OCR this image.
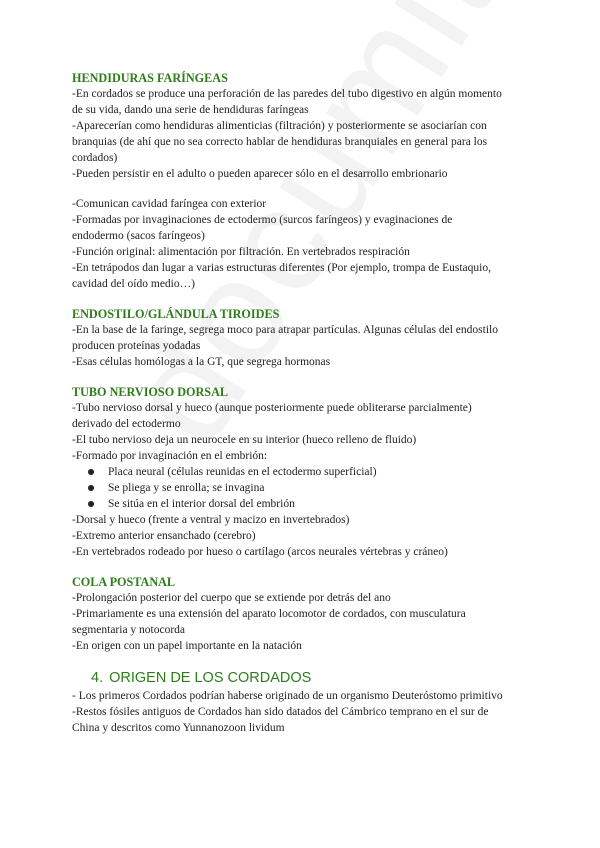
HENDIDURAS FARÍNGEAS

-En cordados se produce una perforación de las paredes del tubo digestivo en algún momento

de su vida, dando una serie de hendiduras faríngeas

-Aparecerían como hendiduras alimenticias (filtración) y posteriormente se asociarían con

branquias (de ahí que no sea correcto hablar de hendiduras branquiales en general para los

cordados)

-Pueden persistir en el adulto o pueden aparecer sólo en el desarrollo embrionario

-Comunican cavidad faríngea con exterior

-Formadas por invaginaciones de ectodermo (surcos faríngeos) y evaginaciones de

endodermo (sacos faríngeos)

-Función original: alimentación por filtración. En vertebrados respiración

-En tetrápodos dan lugar a varias estructuras diferentes (Por ejemplo, trompa de Eustaquio,

cavidad del oído medio…)

ENDOSTILO/GLÁNDULA TIROIDES

-En la base de la faringe, segrega moco para atrapar partículas. Algunas células del endostilo

producen proteínas yodadas

-Esas células homólogas a la GT, que segrega hormonas

TUBO NERVIOSO DORSAL

-Tubo nervioso dorsal y hueco (aunque posteriormente puede obliterarse parcialmente)

derivado del ectodermo

-El tubo nervioso deja un neurocele en su interior (hueco relleno de fluido)

-Formado por invaginación en el embrión:

Placa neural (células reunidas en el ectodermo superficial)
Se pliega y se enrolla; se invagina
Se sitúa en el interior dorsal del embrión

-Dorsal y hueco (frente a ventral y macizo en invertebrados)

-Extremo anterior ensanchado (cerebro)

-En vertebrados rodeado por hueso o cartílago (arcos neurales vértebras y cráneo)

COLA POSTANAL

-Prolongación posterior del cuerpo que se extiende por detrás del ano

-Primariamente es una extensión del aparato locomotor de cordados, con musculatura

segmentaria y notocorda

-En origen con un papel importante en la natación

4. ORIGEN DE LOS CORDADOS

- Los primeros Cordados podrían haberse originado de un organismo Deuteróstomo primitivo

-Restos fósiles antiguos de Cordados han sido datados del Cámbrico temprano en el sur de

China y descritos como Yunnanozoon lividum
